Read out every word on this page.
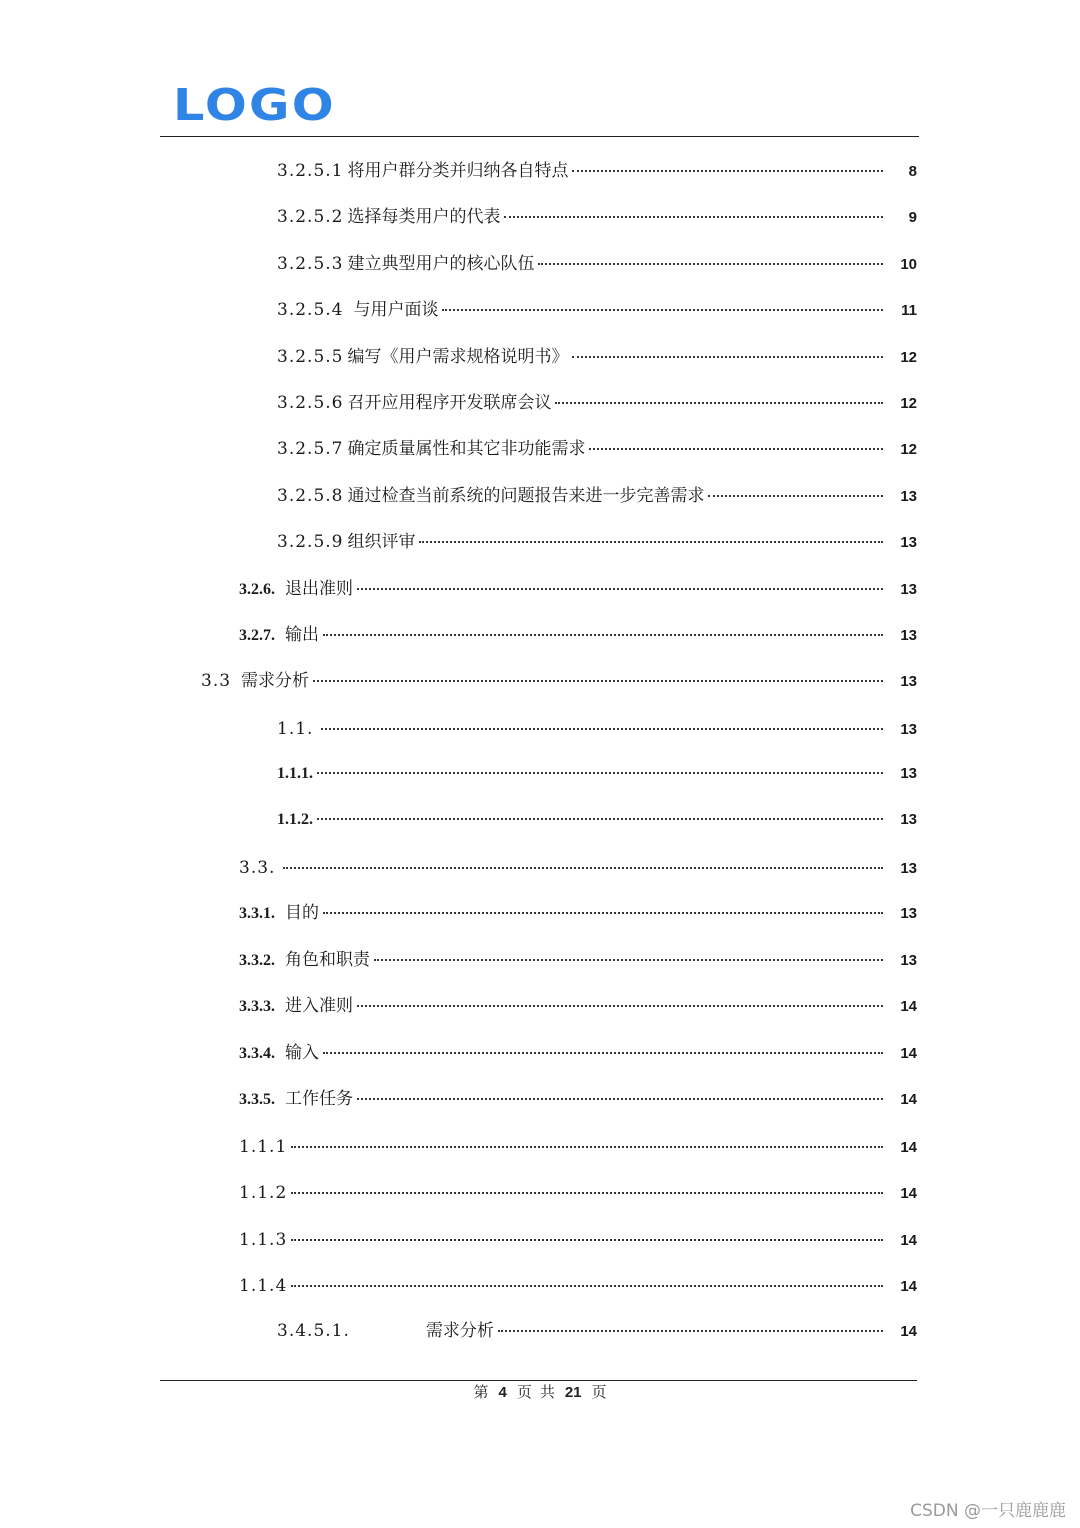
LOGO
3.2.5.1 将用户群分类并归纳各自特点	8
3.2.5.2 选择每类用户的代表	9
3.2.5.3 建立典型用户的核心队伍	10
3.2.5.4 与用户面谈	11
3.2.5.5 编写《用户需求规格说明书》	12
3.2.5.6 召开应用程序开发联席会议	12
3.2.5.7 确定质量属性和其它非功能需求	12
3.2.5.8 通过检查当前系统的问题报告来进一步完善需求	13
3.2.5.9 组织评审	13
3.2.6. 退出准则	13
3.2.7. 输出	13
3.3 需求分析	13
1.1.	13
1.1.1.	13
1.1.2.	13
3.3.	13
3.3.1. 目的	13
3.3.2. 角色和职责	13
3.3.3. 进入准则	14
3.3.4. 输入	14
3.3.5. 工作任务	14
1.1.1	14
1.1.2	14
1.1.3	14
1.1.4	14
3.4.5.1.	需求分析	14
第 4 页 共 21 页
CSDN @一只鹿鹿鹿
